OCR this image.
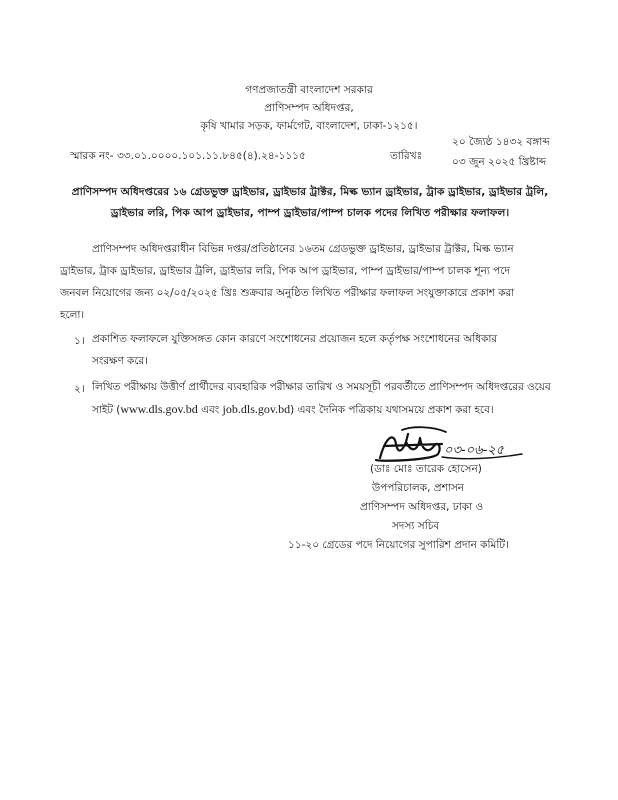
গণপ্রজাতন্ত্রী বাংলাদেশ সরকার
প্রাণিসম্পদ অধিদপ্তর,
কৃষি খামার সড়ক, ফার্মগেট, বাংলাদেশ, ঢাকা-১২১৫।
স্মারক নং- ৩৩.০১.০০০০.১০১.১১.৮৪৫(৪).২৪-১১১৫	তারিখঃ
২০ জ্যৈষ্ঠ ১৪৩২ বঙ্গাব্দ
০৩ জুন ২০২৫ খ্রিষ্টাব্দ
প্রাণিসম্পদ অধিদপ্তরের ১৬ গ্রেডভুক্ত ড্রাইভার, ড্রাইভার ট্রাক্টর, মিল্ক ভ্যান ড্রাইভার, ট্রাক ড্রাইভার, ড্রাইভার ট্রলি,
ড্রাইভার লরি, পিক আপ ড্রাইভার, পাম্প ড্রাইভার/পাম্প চালক পদের লিখিত পরীক্ষার ফলাফল।
প্রাণিসম্পদ অধিদপ্তরাধীন বিভিন্ন দপ্তর/প্রতিষ্ঠানের ১৬তম গ্রেডভুক্ত ড্রাইভার, ড্রাইভার ট্রাক্টর, মিল্ক ভ্যান
ড্রাইভার, ট্রাক ড্রাইভার, ড্রাইভার ট্রলি, ড্রাইভার লরি, পিক আপ ড্রাইভার, পাম্প ড্রাইভার/পাম্প চালক শূন্য পদে
জনবল নিয়োগের জন্য ০২/০৫/২০২৫ খ্রিঃ শুক্রবার অনুষ্ঠিত লিখিত পরীক্ষার ফলাফল সংযুক্তাকারে প্রকাশ করা
হলো।
১। প্রকাশিত ফলাফলে যুক্তিসঙ্গত কোন কারণে সংশোধনের প্রয়োজন হলে কর্তৃপক্ষ সংশোধনের অধিকার
সংরক্ষণ করে।
২। লিখিত পরীক্ষায় উত্তীর্ণ প্রার্থীদের ব্যবহারিক পরীক্ষার তারিখ ও সময়সূচী পরবর্তীতে প্রাণিসম্পদ অধিদপ্তরের ওয়েব
সাইট (www.dls.gov.bd এবং job.dls.gov.bd) এবং দৈনিক পত্রিকায় যথাসময়ে প্রকাশ করা হবে।
০৩-০৬-২৫
(ডাঃ মোঃ তারেক হোসেন)
উপপরিচালক, প্রশাসন
প্রাণিসম্পদ অধিদপ্তর, ঢাকা ও
সদস্য সচিব
১১-২০ গ্রেডের পদে নিয়োগের সুপারিশ প্রদান কমিটি।
